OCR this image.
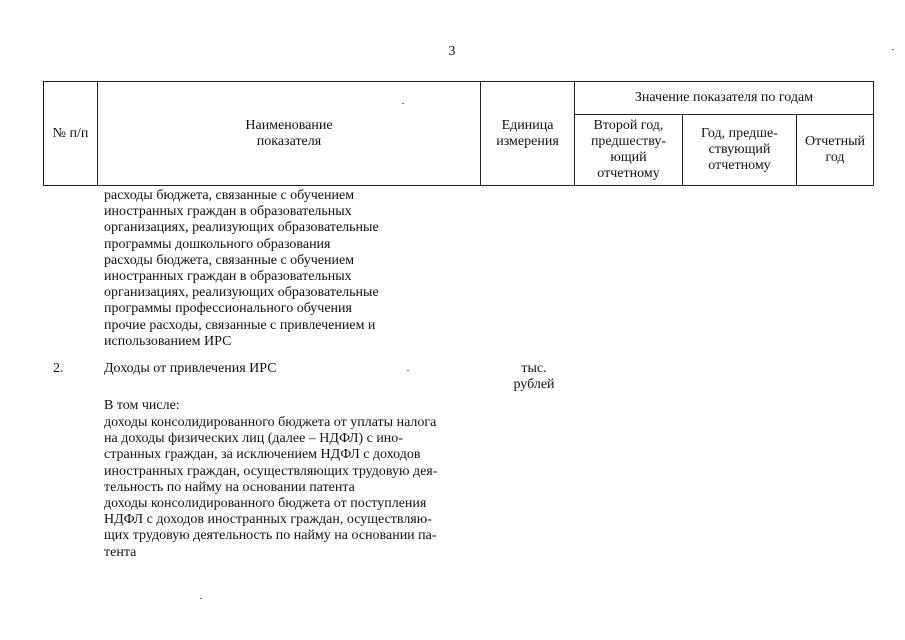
3
№ п/п
Наименование
показателя
Единица
измерения
Значение показателя по годам
Второй год,
предшеству-
ющий
отчетному
Год, предше-
ствующий
отчетному
Отчетный
год
расходы бюджета, связанные с обучением
иностранных граждан в образовательных
организациях, реализующих образовательные
программы дошкольного образования
расходы бюджета, связанные с обучением
иностранных граждан в образовательных
организациях, реализующих образовательные
программы профессионального обучения
прочие расходы, связанные с привлечением и
использованием ИРС
2.	Доходы от привлечения ИРС	тыс.
рублей
В том числе:
доходы консолидированного бюджета от уплаты налога
на доходы физических лиц (далее – НДФЛ) с ино-
странных граждан, за исключением НДФЛ с доходов
иностранных граждан, осуществляющих трудовую дея-
тельность по найму на основании патента
доходы консолидированного бюджета от поступления
НДФЛ с доходов иностранных граждан, осуществляю-
щих трудовую деятельность по найму на основании па-
тента
